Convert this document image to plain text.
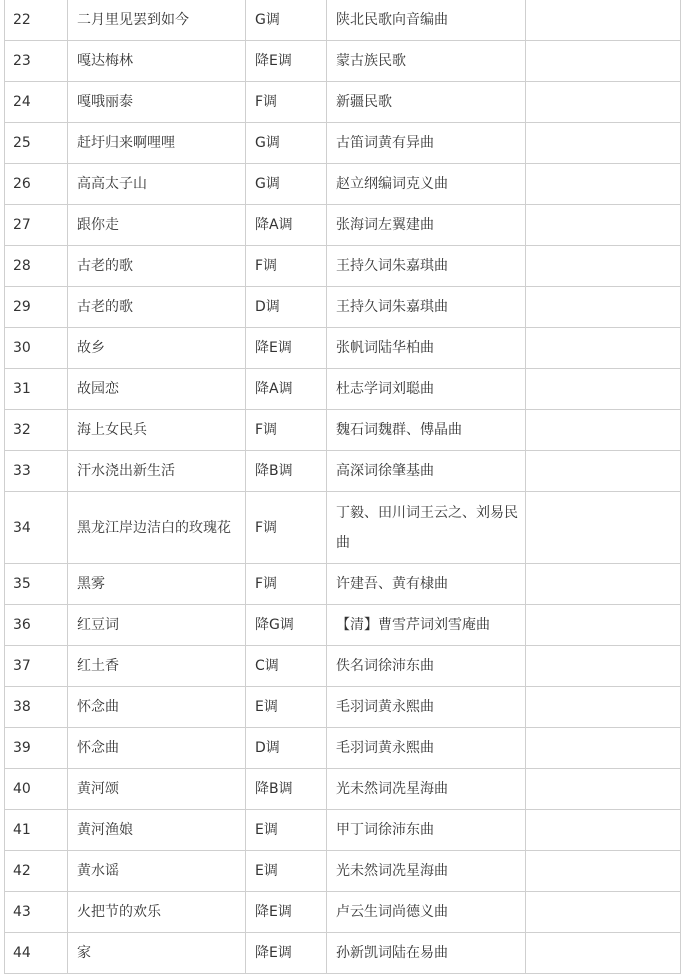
22	二月里见罢到如今	G调	陕北民歌向音编曲	
23	嘎达梅林	降E调	蒙古族民歌	
24	嘎哦丽泰	F调	新疆民歌	
25	赶圩归来啊哩哩	G调	古笛词黄有异曲	
26	高高太子山	G调	赵立纲编词克义曲	
27	跟你走	降A调	张海词左翼建曲	
28	古老的歌	F调	王持久词朱嘉琪曲	
29	古老的歌	D调	王持久词朱嘉琪曲	
30	故乡	降E调	张帆词陆华柏曲	
31	故园恋	降A调	杜志学词刘聪曲	
32	海上女民兵	F调	魏石词魏群、傅晶曲	
33	汗水浇出新生活	降B调	高深词徐肇基曲	
34	黑龙江岸边洁白的玫瑰花	F调	丁毅、田川词王云之、刘易民曲	
35	黑雾	F调	许建吾、黄有棣曲	
36	红豆词	降G调	【清】曹雪芹词刘雪庵曲	
37	红土香	C调	佚名词徐沛东曲	
38	怀念曲	E调	毛羽词黄永熙曲	
39	怀念曲	D调	毛羽词黄永熙曲	
40	黄河颂	降B调	光未然词冼星海曲	
41	黄河渔娘	E调	甲丁词徐沛东曲	
42	黄水谣	E调	光未然词冼星海曲	
43	火把节的欢乐	降E调	卢云生词尚德义曲	
44	家	降E调	孙新凯词陆在易曲	
